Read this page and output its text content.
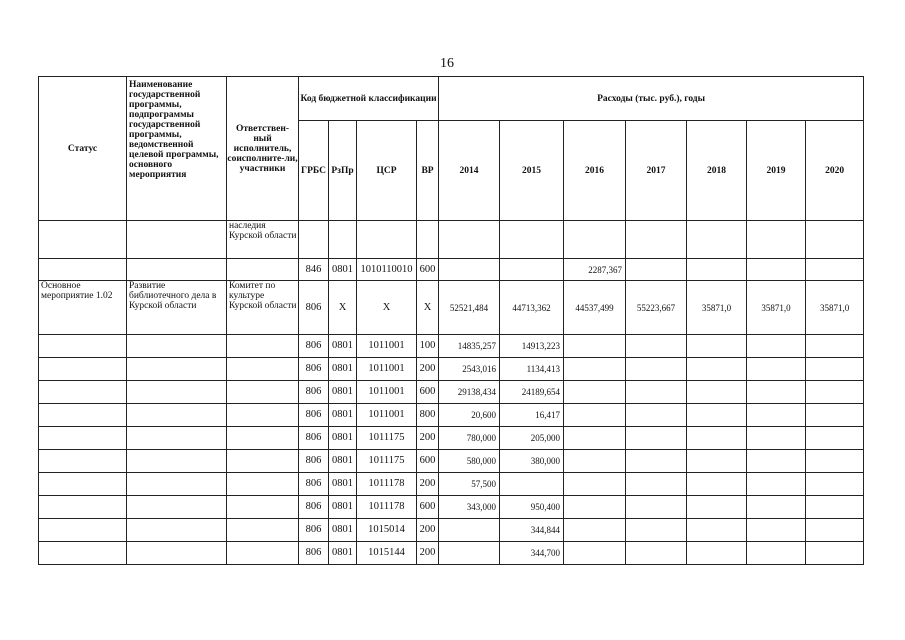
16
Статус	Наименование государственной программы, подпрограммы государственной программы, ведомственной целевой программы, основного мероприятия	Ответствен-ный исполнитель, соисполните-ли, участники	Код бюджетной классификации				Расходы (тыс. руб.), годы						
			ГРБС	РзПр	ЦСР	ВР	2014	2015	2016	2017	2018	2019	2020
		наследия Курской области											
			846	0801	1010110010	600			2287,367				
Основное мероприятие 1.02	Развитие библиотечного дела в Курской области	Комитет по культуре Курской области	806	Х	Х	Х	52521,484	44713,362	44537,499	55223,667	35871,0	35871,0	35871,0
			806	0801	1011001	100	14835,257	14913,223					
			806	0801	1011001	200	2543,016	1134,413					
			806	0801	1011001	600	29138,434	24189,654					
			806	0801	1011001	800	20,600	16,417					
			806	0801	1011175	200	780,000	205,000					
			806	0801	1011175	600	580,000	380,000					
			806	0801	1011178	200	57,500						
			806	0801	1011178	600	343,000	950,400					
			806	0801	1015014	200		344,844					
			806	0801	1015144	200		344,700					
